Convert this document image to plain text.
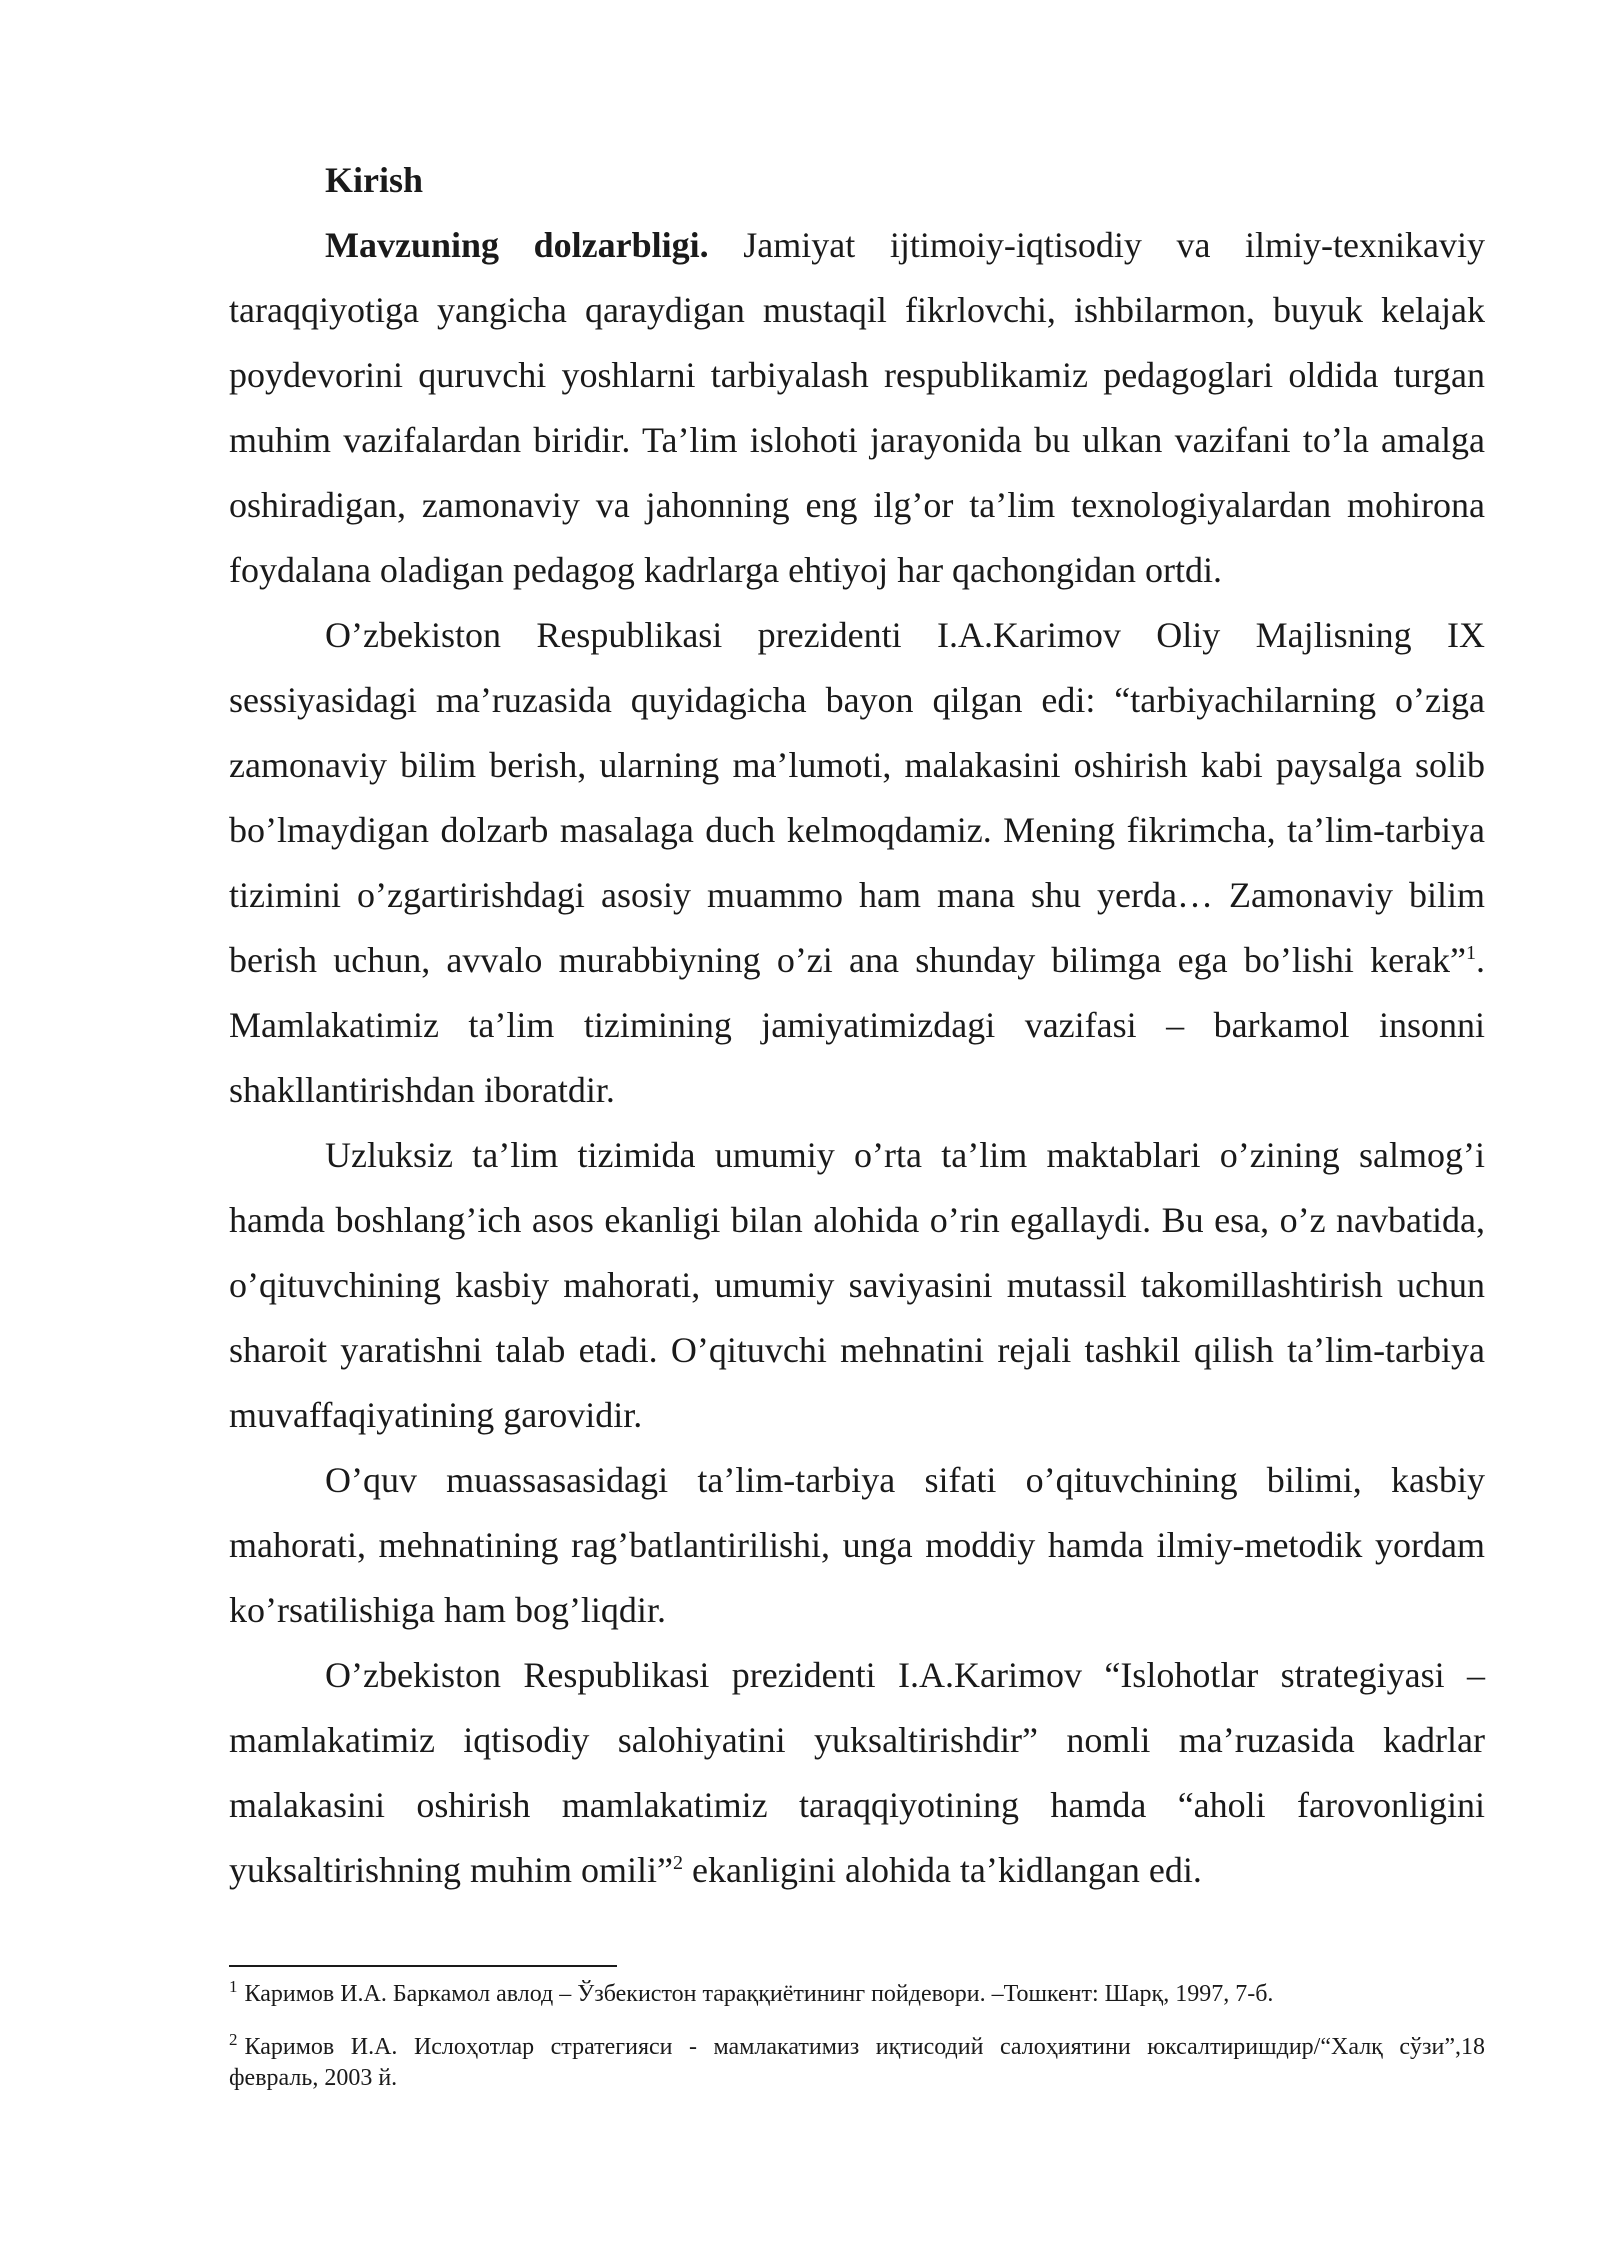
Kirish

Mavzuning dolzarbligi. Jamiyat ijtimoiy-iqtisodiy va ilmiy-texnikaviy taraqqiyotiga yangicha qaraydigan mustaqil fikrlovchi, ishbilarmon, buyuk kelajak poydevorini quruvchi yoshlarni tarbiyalash respublikamiz pedagoglari oldida turgan muhim vazifalardan biridir. Ta’lim islohoti jarayonida bu ulkan vazifani to’la amalga oshiradigan, zamonaviy va jahonning eng ilg’or ta’lim texnologiyalardan mohirona foydalana oladigan pedagog kadrlarga ehtiyoj har qachongidan ortdi.

O’zbekiston Respublikasi prezidenti I.A.Karimov Oliy Majlisning IX sessiyasidagi ma’ruzasida quyidagicha bayon qilgan edi: “tarbiyachilarning o’ziga zamonaviy bilim berish, ularning ma’lumoti, malakasini oshirish kabi paysalga solib bo’lmaydigan dolzarb masalaga duch kelmoqdamiz. Mening fikrimcha, ta’lim-tarbiya tizimini o’zgartirishdagi asosiy muammo ham mana shu yerda… Zamonaviy bilim berish uchun, avvalo murabbiyning o’zi ana shunday bilimga ega bo’lishi kerak”$^1$. Mamlakatimiz ta’lim tizimining jamiyatimizdagi vazifasi – barkamol insonni shakllantirishdan iboratdir.

Uzluksiz ta’lim tizimida umumiy o’rta ta’lim maktablari o’zining salmog’i hamda boshlang’ich asos ekanligi bilan alohida o’rin egallaydi. Bu esa, o’z navbatida, o’qituvchining kasbiy mahorati, umumiy saviyasini mutassil takomillashtirish uchun sharoit yaratishni talab etadi. O’qituvchi mehnatini rejali tashkil qilish ta’lim-tarbiya muvaffaqiyatining garovidir.

O’quv muassasasidagi ta’lim-tarbiya sifati o’qituvchining bilimi, kasbiy mahorati, mehnatining rag’batlantirilishi, unga moddiy hamda ilmiy-metodik yordam ko’rsatilishiga ham bog’liqdir.

O’zbekiston Respublikasi prezidenti I.A.Karimov “Islohotlar strategiyasi – mamlakatimiz iqtisodiy salohiyatini yuksaltirishdir” nomli ma’ruzasida kadrlar malakasini oshirish mamlakatimiz taraqqiyotining hamda “aholi farovonligini yuksaltirishning muhim omili”$^2$ ekanligini alohida ta’kidlangan edi.

$^1$ Каримов И.А. Баркамол авлод – Ўзбекистон тараққиётининг пойдевори. –Тошкент: Шарқ, 1997, 7-б.

$^2$ Каримов И.А. Ислоҳотлар стратегияси - мамлакатимиз иқтисодий салоҳиятини юксалтиришдир/“Халқ сўзи”,18 февраль, 2003 й.
